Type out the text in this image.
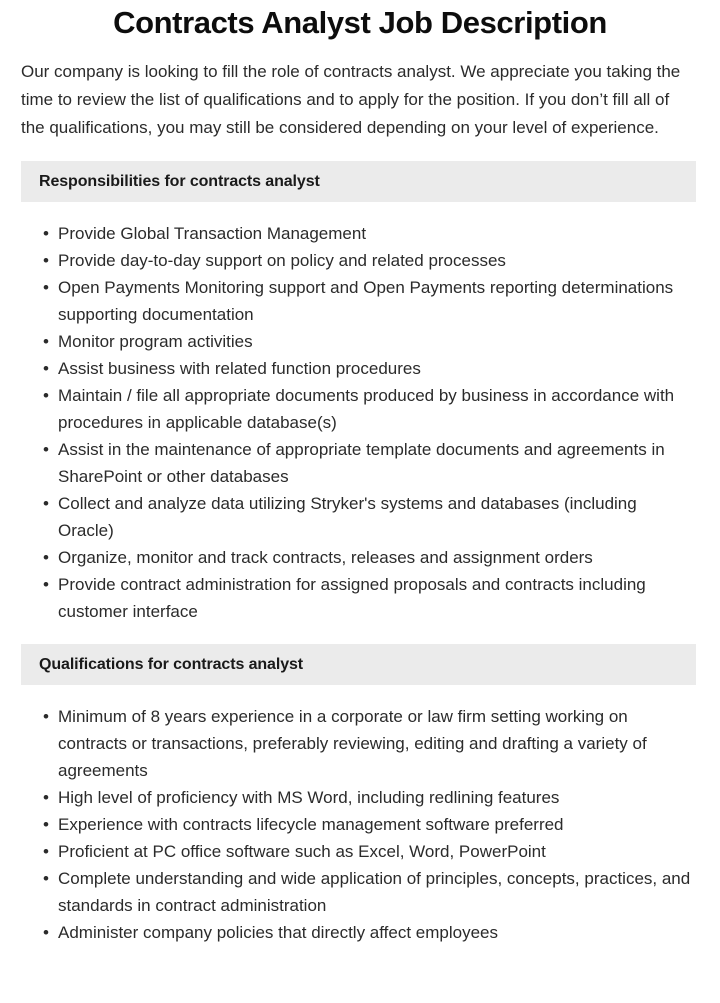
Contracts Analyst Job Description

Our company is looking to fill the role of contracts analyst. We appreciate you taking the time to review the list of qualifications and to apply for the position. If you don’t fill all of the qualifications, you may still be considered depending on your level of experience.

Responsibilities for contracts analyst
• Provide Global Transaction Management
• Provide day-to-day support on policy and related processes
• Open Payments Monitoring support and Open Payments reporting determinations supporting documentation
• Monitor program activities
• Assist business with related function procedures
• Maintain / file all appropriate documents produced by business in accordance with procedures in applicable database(s)
• Assist in the maintenance of appropriate template documents and agreements in SharePoint or other databases
• Collect and analyze data utilizing Stryker's systems and databases (including Oracle)
• Organize, monitor and track contracts, releases and assignment orders
• Provide contract administration for assigned proposals and contracts including customer interface
Qualifications for contracts analyst
• Minimum of 8 years experience in a corporate or law firm setting working on contracts or transactions, preferably reviewing, editing and drafting a variety of agreements
• High level of proficiency with MS Word, including redlining features
• Experience with contracts lifecycle management software preferred
• Proficient at PC office software such as Excel, Word, PowerPoint
• Complete understanding and wide application of principles, concepts, practices, and standards in contract administration
• Administer company policies that directly affect employees
